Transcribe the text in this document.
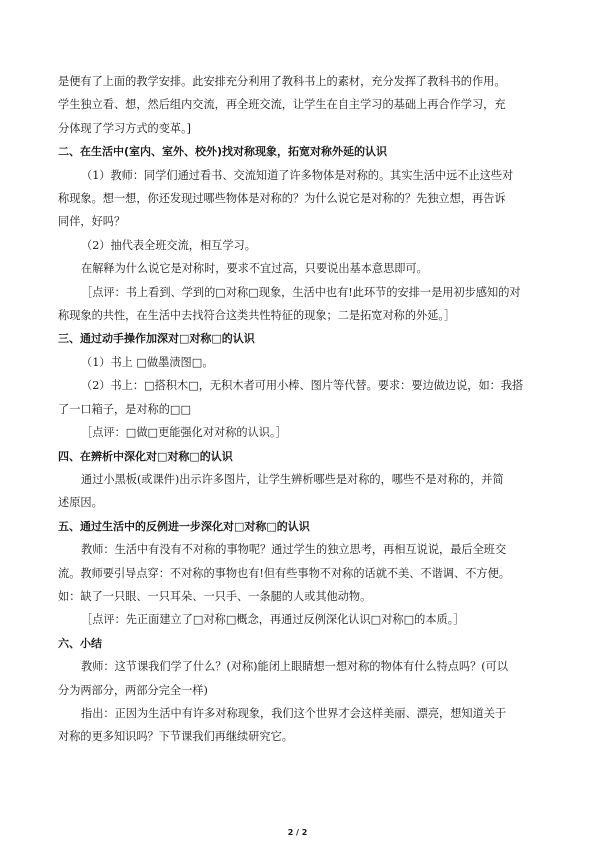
是便有了上面的教学安排。此安排充分利用了教科书上的素材，充分发挥了教科书的作用。

学生独立看、想，然后组内交流，再全班交流，让学生在自主学习的基础上再合作学习，充

分体现了学习方式的变革。]

二、在生活中(室内、室外、校外)找对称现象，拓宽对称外延的认识

（1）教师：同学们通过看书、交流知道了许多物体是对称的。其实生活中远不止这些对

称现象。想一想，你还发现过哪些物体是对称的？为什么说它是对称的？先独立想，再告诉

同伴，好吗？

（2）抽代表全班交流，相互学习。

在解释为什么说它是对称时，要求不宜过高，只要说出基本意思即可。

［点评：书上看到、学到的□对称□现象，生活中也有!此环节的安排一是用初步感知的对

称现象的共性，在生活中去找符合这类共性特征的现象；二是拓宽对称的外延。］

三、通过动手操作加深对□对称□的认识

（1）书上 □做墨渍图□。

（2）书上：□搭积木□，无积木者可用小棒、图片等代替。要求：要边做边说，如：我搭

了一口箱子，是对称的□□

［点评：□做□更能强化对对称的认识。］

四、在辨析中深化对□对称□的认识

通过小黑板(或课件)出示许多图片，让学生辨析哪些是对称的，哪些不是对称的，并简

述原因。

五、通过生活中的反例进一步深化对□对称□的认识

教师：生活中有没有不对称的事物呢？通过学生的独立思考，再相互说说，最后全班交

流。教师要引导点穿：不对称的事物也有!但有些事物不对称的话就不美、不谐调、不方便。

如：缺了一只眼、一只耳朵、一只手、一条腿的人或其他动物。

［点评：先正面建立了□对称□概念，再通过反例深化认识□对称□的本质。］

六、小结

教师：这节课我们学了什么？(对称)能闭上眼睛想一想对称的物体有什么特点吗？(可以

分为两部分，两部分完全一样)

指出：正因为生活中有许多对称现象，我们这个世界才会这样美丽、漂亮，想知道关于

对称的更多知识吗？下节课我们再继续研究它。

2 / 2
